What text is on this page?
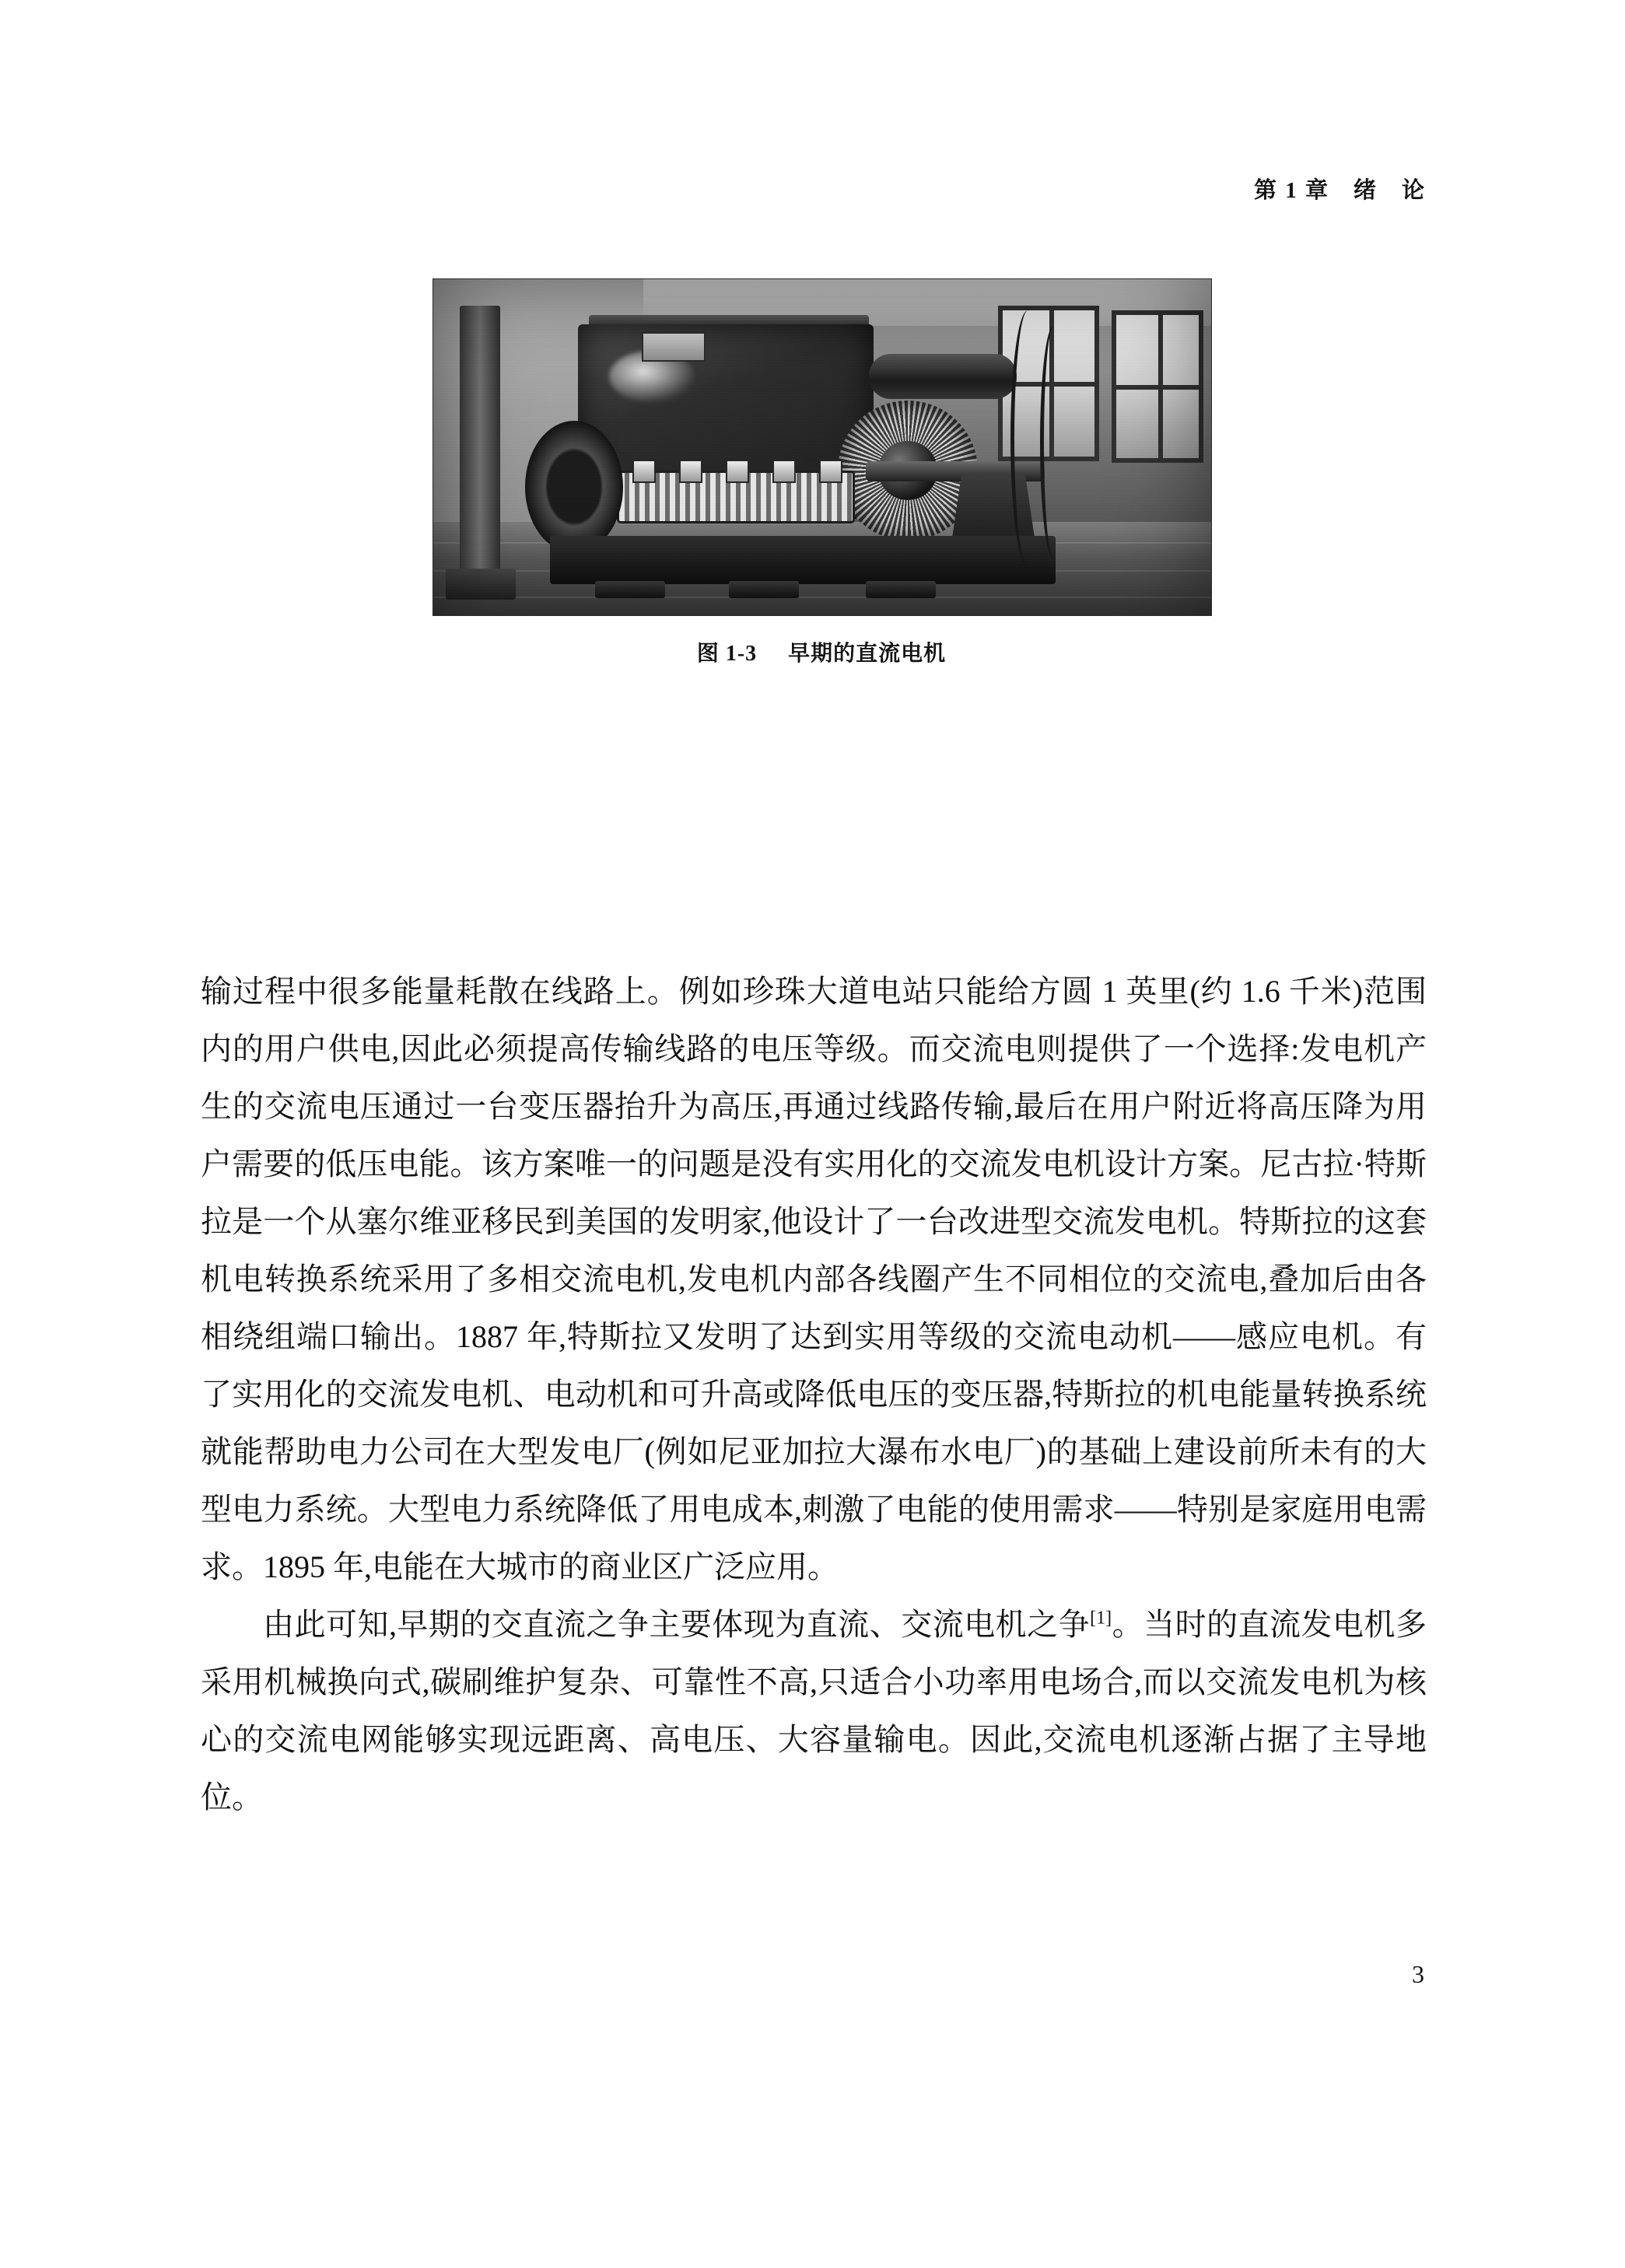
第 1 章　绪　论
图 1-3 早期的直流电机

输过程中很多能量耗散在线路上。例如珍珠大道电站只能给方圆 1 英里(约 1.6 千米)范围内的用户供电,因此必须提高传输线路的电压等级。而交流电则提供了一个选择:发电机产生的交流电压通过一台变压器抬升为高压,再通过线路传输,最后在用户附近将高压降为用户需要的低压电能。该方案唯一的问题是没有实用化的交流发电机设计方案。尼古拉·特斯拉是一个从塞尔维亚移民到美国的发明家,他设计了一台改进型交流发电机。特斯拉的这套机电转换系统采用了多相交流电机,发电机内部各线圈产生不同相位的交流电,叠加后由各相绕组端口输出。1887 年,特斯拉又发明了达到实用等级的交流电动机——感应电机。有了实用化的交流发电机、电动机和可升高或降低电压的变压器,特斯拉的机电能量转换系统就能帮助电力公司在大型发电厂(例如尼亚加拉大瀑布水电厂)的基础上建设前所未有的大型电力系统。大型电力系统降低了用电成本,刺激了电能的使用需求——特别是家庭用电需求。1895 年,电能在大城市的商业区广泛应用。

由此可知,早期的交直流之争主要体现为直流、交流电机之争[1]。当时的直流发电机多采用机械换向式,碳刷维护复杂、可靠性不高,只适合小功率用电场合,而以交流发电机为核心的交流电网能够实现远距离、高电压、大容量输电。因此,交流电机逐渐占据了主导地位。

3
